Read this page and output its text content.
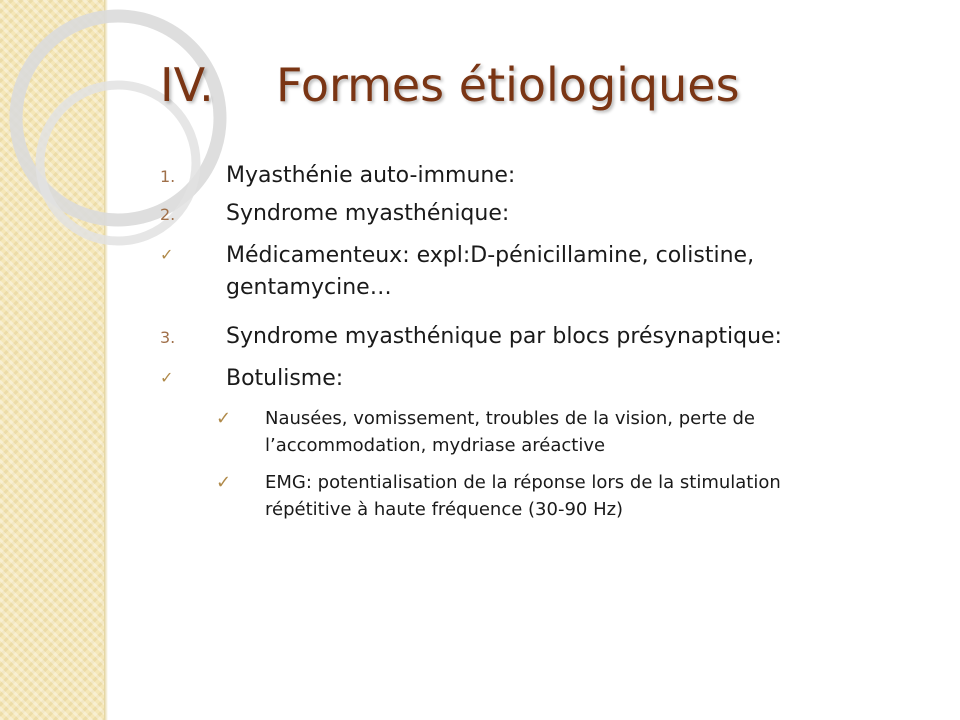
IV. Formes étiologiques
1. Myasthénie auto-immune:
2. Syndrome myasthénique:
✓ Médicamenteux: expl:D-pénicillamine, colistine,
gentamycine…
3. Syndrome myasthénique par blocs présynaptique:
✓ Botulisme:
✓ Nausées, vomissement, troubles de la vision, perte de
l’accommodation, mydriase aréactive
✓ EMG: potentialisation de la réponse lors de la stimulation
répétitive à haute fréquence (30-90 Hz)
